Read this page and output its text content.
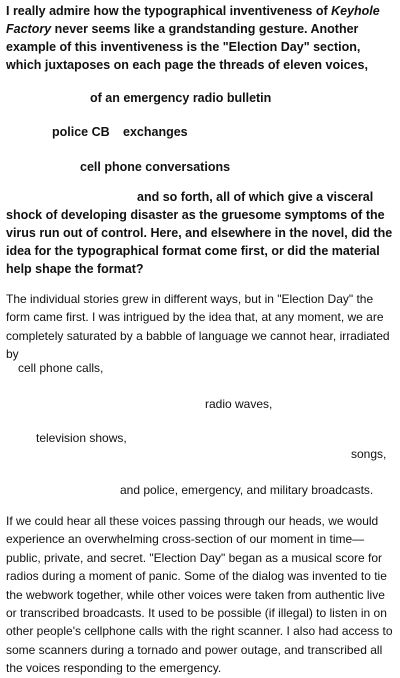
I really admire how the typographical inventiveness of Keyhole Factory never seems like a grandstanding gesture. Another example of this inventiveness is the "Election Day" section, which juxtaposes on each page the threads of eleven voices,
of an emergency radio bulletin
police CB exchanges
cell phone conversations
and so forth, all of which give a visceral shock of developing disaster as the gruesome symptoms of the virus run out of control. Here, and elsewhere in the novel, did the idea for the typographical format come first, or did the material help shape the format?
The individual stories grew in different ways, but in "Election Day" the form came first. I was intrigued by the idea that, at any moment, we are completely saturated by a babble of language we cannot hear, irradiated by
cell phone calls,
radio waves,
television shows,
songs,
and police, emergency, and military broadcasts.
If we could hear all these voices passing through our heads, we would experience an overwhelming cross-section of our moment in time—public, private, and secret. "Election Day" began as a musical score for radios during a moment of panic. Some of the dialog was invented to tie the webwork together, while other voices were taken from authentic live or transcribed broadcasts. It used to be possible (if illegal) to listen in on other people's cellphone calls with the right scanner. I also had access to some scanners during a tornado and power outage, and transcribed all the voices responding to the emergency.
